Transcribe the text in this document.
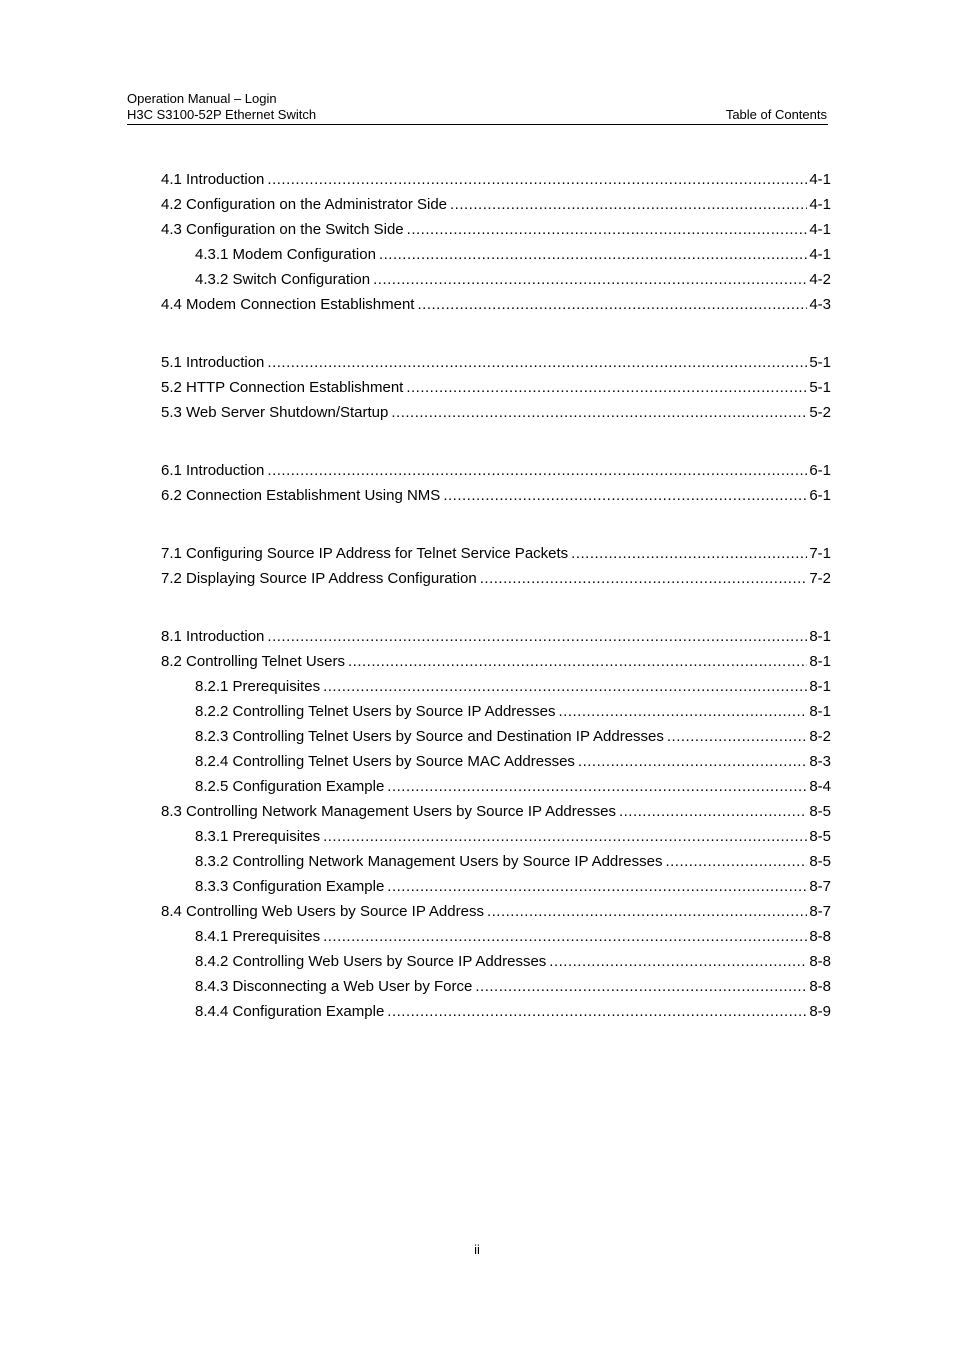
Operation Manual – Login
H3C S3100-52P Ethernet Switch	Table of Contents
4.1 Introduction .....	4-1
4.2 Configuration on the Administrator Side .....	4-1
4.3 Configuration on the Switch Side .....	4-1
4.3.1 Modem Configuration .....	4-1
4.3.2 Switch Configuration .....	4-2
4.4 Modem Connection Establishment .....	4-3
5.1 Introduction .....	5-1
5.2 HTTP Connection Establishment .....	5-1
5.3 Web Server Shutdown/Startup .....	5-2
6.1 Introduction .....	6-1
6.2 Connection Establishment Using NMS .....	6-1
7.1 Configuring Source IP Address for Telnet Service Packets .....	7-1
7.2 Displaying Source IP Address Configuration .....	7-2
8.1 Introduction .....	8-1
8.2 Controlling Telnet Users .....	8-1
8.2.1 Prerequisites .....	8-1
8.2.2 Controlling Telnet Users by Source IP Addresses .....	8-1
8.2.3 Controlling Telnet Users by Source and Destination IP Addresses .....	8-2
8.2.4 Controlling Telnet Users by Source MAC Addresses .....	8-3
8.2.5 Configuration Example .....	8-4
8.3 Controlling Network Management Users by Source IP Addresses .....	8-5
8.3.1 Prerequisites .....	8-5
8.3.2 Controlling Network Management Users by Source IP Addresses .....	8-5
8.3.3 Configuration Example .....	8-7
8.4 Controlling Web Users by Source IP Address .....	8-7
8.4.1 Prerequisites .....	8-8
8.4.2 Controlling Web Users by Source IP Addresses .....	8-8
8.4.3 Disconnecting a Web User by Force .....	8-8
8.4.4 Configuration Example .....	8-9
ii
